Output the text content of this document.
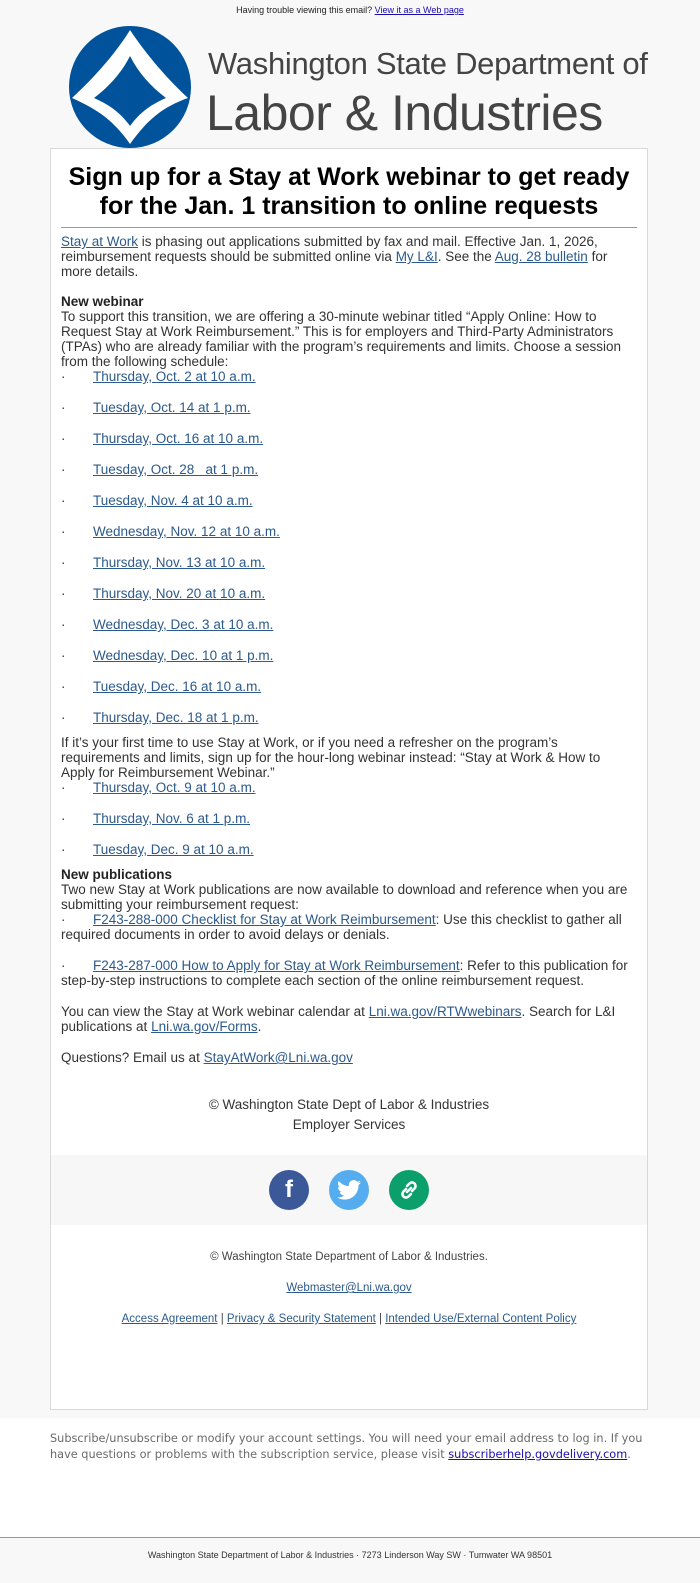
Having trouble viewing this email? View it as a Web page
Washington State Department of
Labor & Industries
Sign up for a Stay at Work webinar to get ready for the Jan. 1 transition to online requests

Stay at Work is phasing out applications submitted by fax and mail. Effective Jan. 1, 2026, reimbursement requests should be submitted online via My L&I. See the Aug. 28 bulletin for more details.

New webinar

To support this transition, we are offering a 30-minute webinar titled “Apply Online: How to Request Stay at Work Reimbursement.” This is for employers and Third-Party Administrators (TPAs) who are already familiar with the program’s requirements and limits. Choose a session from the following schedule:

·	Thursday, Oct. 2 at 10 a.m.
·	Tuesday, Oct. 14 at 1 p.m.
·	Thursday, Oct. 16 at 10 a.m.
·	Tuesday, Oct. 28   at 1 p.m.
·	Tuesday, Nov. 4 at 10 a.m.
·	Wednesday, Nov. 12 at 10 a.m.
·	Thursday, Nov. 13 at 10 a.m.
·	Thursday, Nov. 20 at 10 a.m.
·	Wednesday, Dec. 3 at 10 a.m.
·	Wednesday, Dec. 10 at 1 p.m.
·	Tuesday, Dec. 16 at 10 a.m.
·	Thursday, Dec. 18 at 1 p.m.

If it’s your first time to use Stay at Work, or if you need a refresher on the program’s requirements and limits, sign up for the hour-long webinar instead: “Stay at Work & How to Apply for Reimbursement Webinar.”

·	Thursday, Oct. 9 at 10 a.m.
·	Thursday, Nov. 6 at 1 p.m.
·	Tuesday, Dec. 9 at 10 a.m.
New publications

Two new Stay at Work publications are now available to download and reference when you are submitting your reimbursement request:

· F243-288-000 Checklist for Stay at Work Reimbursement: Use this checklist to gather all required documents in order to avoid delays or denials.

· F243-287-000 How to Apply for Stay at Work Reimbursement: Refer to this publication for step-by-step instructions to complete each section of the online reimbursement request.

You can view the Stay at Work webinar calendar at Lni.wa.gov/RTWwebinars. Search for L&I publications at Lni.wa.gov/Forms.

Questions? Email us at StayAtWork@Lni.wa.gov

© Washington State Dept of Labor & Industries
Employer Services
f
© Washington State Department of Labor & Industries.
Webmaster@Lni.wa.gov
Access Agreement | Privacy & Security Statement | Intended Use/External Content Policy
Subscribe/unsubscribe or modify your account settings. You will need your email address to log in. If you have questions or problems with the subscription service, please visit subscriberhelp.govdelivery.com.
Washington State Department of Labor & Industries · 7273 Linderson Way SW · Tumwater WA 98501
